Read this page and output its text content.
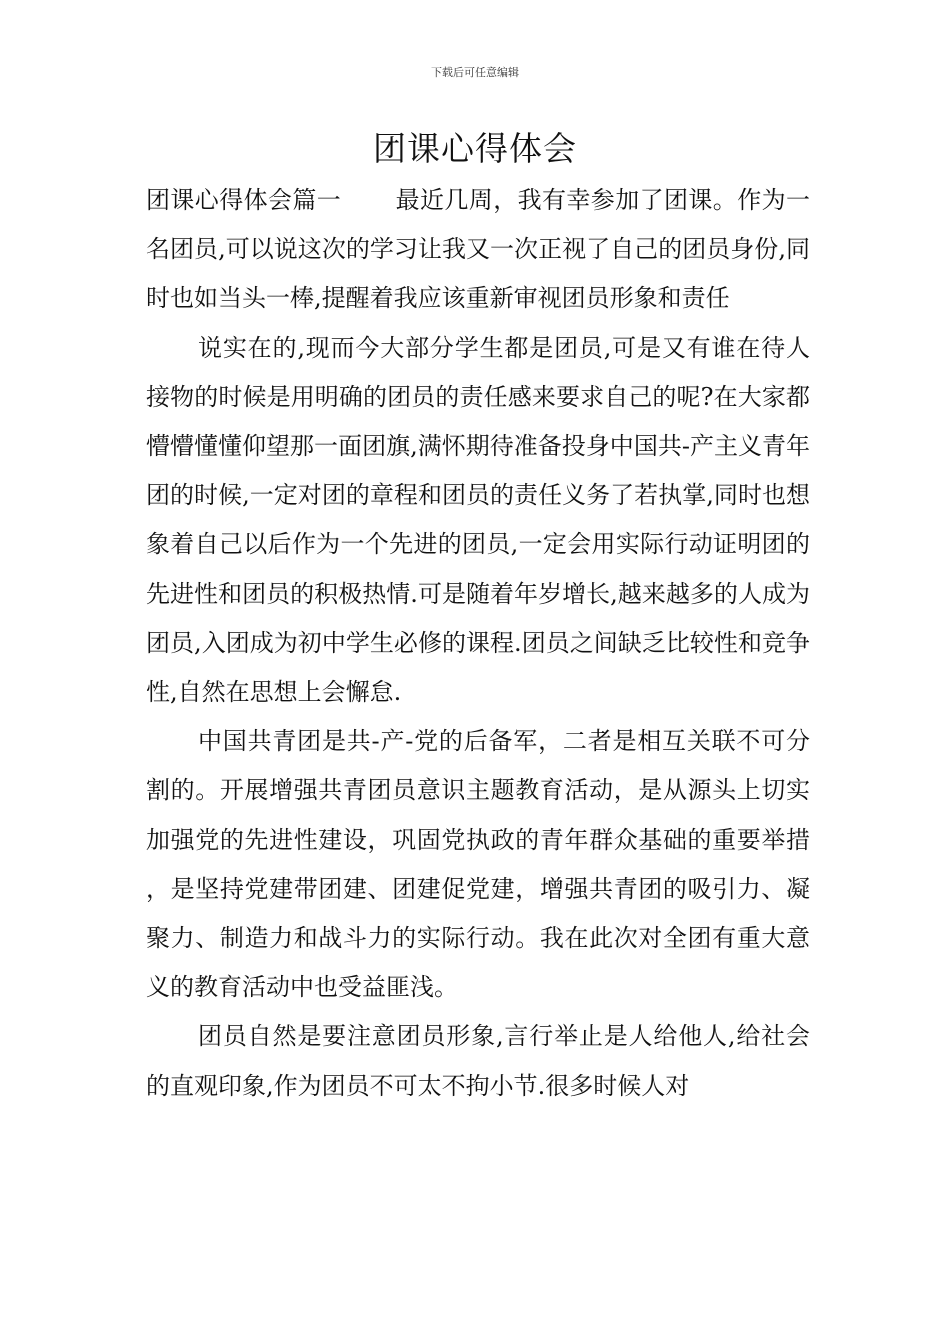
下载后可任意编辑
团课心得体会

团课心得体会篇一 最近几周，我有幸参加了团课。作为一名团员,可以说这次的学习让我又一次正视了自己的团员身份,同时也如当头一棒,提醒着我应该重新审视团员形象和责任

说实在的,现而今大部分学生都是团员,可是又有谁在待人接物的时候是用明确的团员的责任感来要求自己的呢?在大家都懵懵懂懂仰望那一面团旗,满怀期待准备投身中国共-产主义青年团的时候,一定对团的章程和团员的责任义务了若执掌,同时也想象着自己以后作为一个先进的团员,一定会用实际行动证明团的先进性和团员的积极热情.可是随着年岁增长,越来越多的人成为团员,入团成为初中学生必修的课程.团员之间缺乏比较性和竞争性,自然在思想上会懈怠.

中国共青团是共-产-党的后备军，二者是相互关联不可分割的。开展增强共青团员意识主题教育活动，是从源头上切实加强党的先进性建设，巩固党执政的青年群众基础的重要举措，是坚持党建带团建、团建促党建，增强共青团的吸引力、凝聚力、制造力和战斗力的实际行动。我在此次对全团有重大意义的教育活动中也受益匪浅。

团员自然是要注意团员形象,言行举止是人给他人,给社会的直观印象,作为团员不可太不拘小节.很多时候人对
